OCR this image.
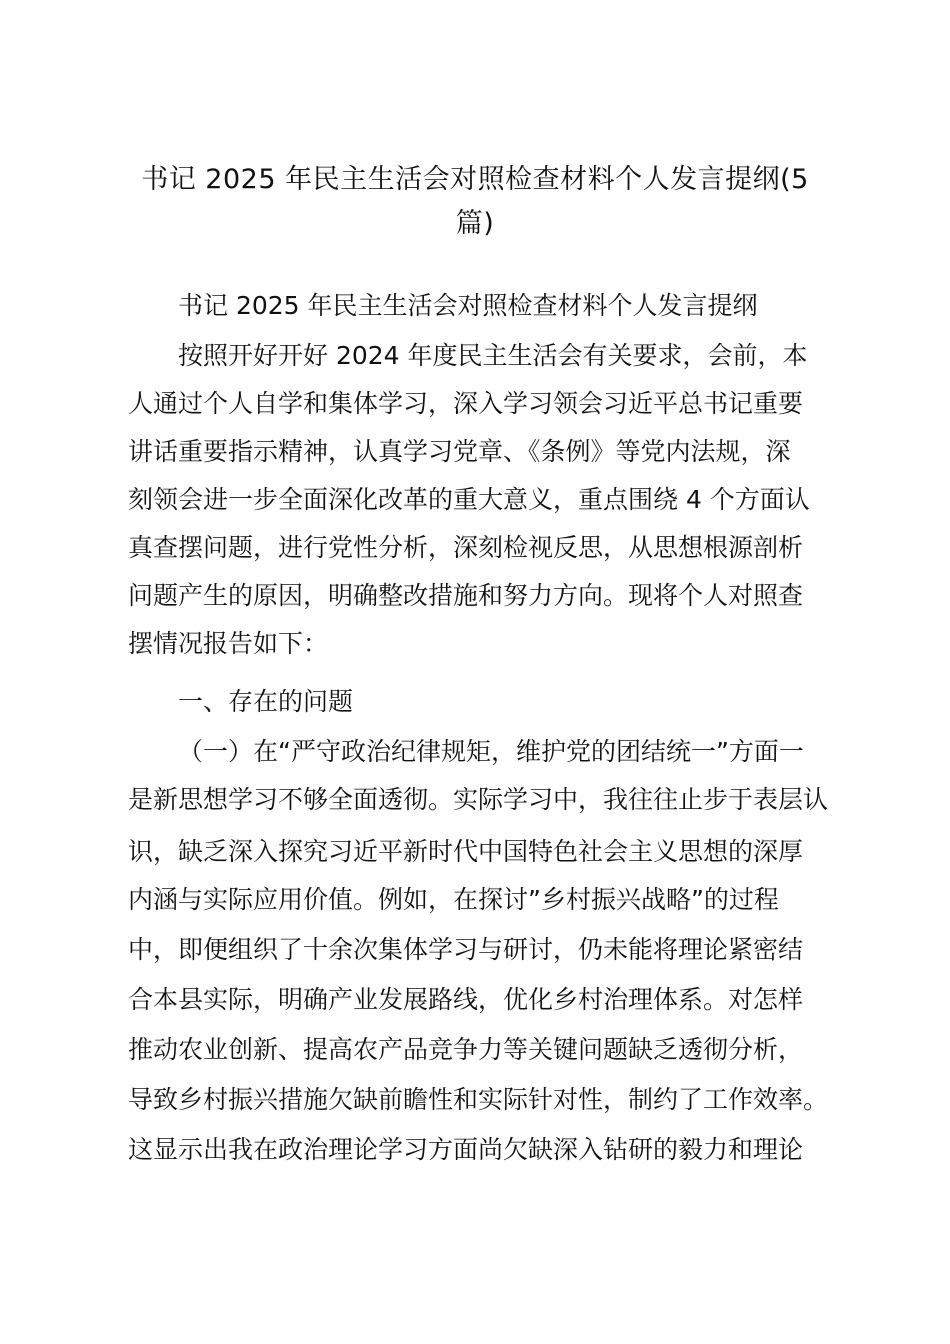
书记 2025 年民主生活会对照检查材料个人发言提纲(5
篇)
书记 2025 年民主生活会对照检查材料个人发言提纲
按照开好开好 2024 年度民主生活会有关要求，会前，本
人通过个人自学和集体学习，深入学习领会习近平总书记重要
讲话重要指示精神，认真学习党章、《条例》等党内法规，深
刻领会进一步全面深化改革的重大意义，重点围绕 4 个方面认
真查摆问题，进行党性分析，深刻检视反思，从思想根源剖析
问题产生的原因，明确整改措施和努力方向。现将个人对照查
摆情况报告如下：
一、存在的问题
（一）在“严守政治纪律规矩，维护党的团结统一”方面一
是新思想学习不够全面透彻。实际学习中，我往往止步于表层认
识，缺乏深入探究习近平新时代中国特色社会主义思想的深厚
内涵与实际应用价值。例如，在探讨”乡村振兴战略”的过程
中，即便组织了十余次集体学习与研讨，仍未能将理论紧密结
合本县实际，明确产业发展路线，优化乡村治理体系。对怎样
推动农业创新、提高农产品竞争力等关键问题缺乏透彻分析，
导致乡村振兴措施欠缺前瞻性和实际针对性，制约了工作效率。
这显示出我在政治理论学习方面尚欠缺深入钻研的毅力和理论
